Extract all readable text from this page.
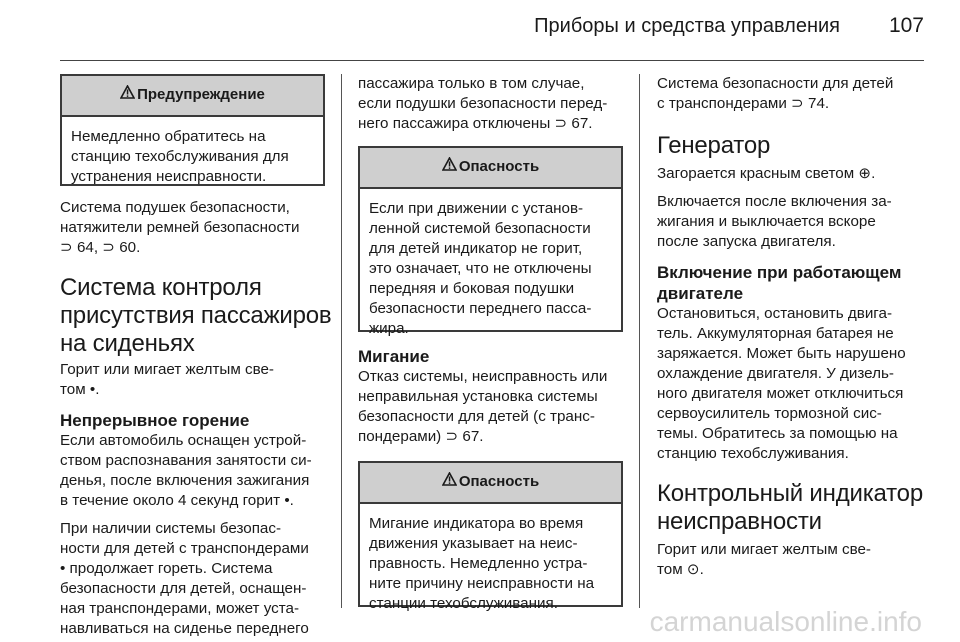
Приборы и средства управления	107
Предупреждение
Немедленно обратитесь на
станцию техобслуживания для
устранения неисправности.

Система подушек безопасности,
натяжители ремней безопасности
⊃ 64, ⊃ 60.

Система контроля
присутствия пассажиров
на сиденьях

Горит или мигает желтым све-
том •.

Непрерывное горение

Если автомобиль оснащен устрой-
ством распознавания занятости си-
денья, после включения зажигания
в течение около 4 секунд горит •.

При наличии системы безопас-
ности для детей с транспондерами
• продолжает гореть. Система
безопасности для детей, оснащен-
ная транспондерами, может уста-
навливаться на сиденье переднего

пассажира только в том случае,
если подушки безопасности перед-
него пассажира отключены ⊃ 67.

Опасность
Если при движении с установ-
ленной системой безопасности
для детей индикатор не горит,
это означает, что не отключены
передняя и боковая подушки
безопасности переднего пасса-
жира.
Мигание

Отказ системы, неисправность или
неправильная установка системы
безопасности для детей (с транс-
пондерами) ⊃ 67.

Опасность
Мигание индикатора во время
движения указывает на неис-
правность. Немедленно устра-
ните причину неисправности на
станции техобслуживания.

Система безопасности для детей
с транспондерами ⊃ 74.

Генератор

Загорается красным светом ⊕.

Включается после включения за-
жигания и выключается вскоре
после запуска двигателя.

Включение при работающем
двигателе

Остановиться, остановить двига-
тель. Аккумуляторная батарея не
заряжается. Может быть нарушено
охлаждение двигателя. У дизель-
ного двигателя может отключиться
сервоусилитель тормозной сис-
темы. Обратитесь за помощью на
станцию техобслуживания.

Контрольный индикатор
неисправности

Горит или мигает желтым све-
том ⊙.

carmanualsonline.info
